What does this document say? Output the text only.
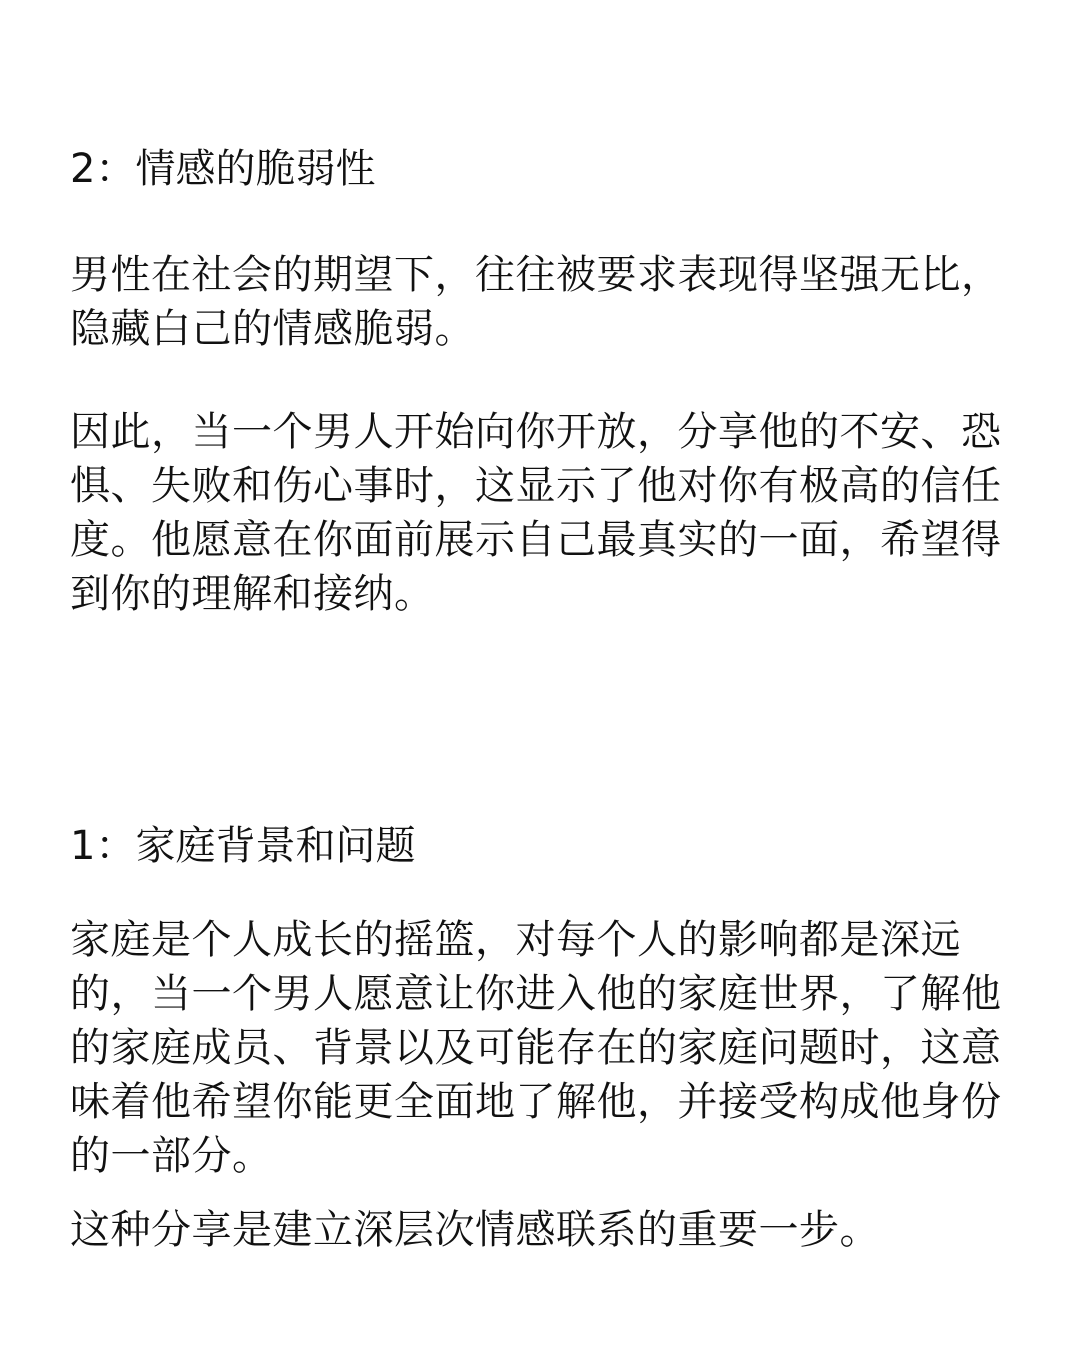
2：情感的脆弱性

男性在社会的期望下，往往被要求表现得坚强无比，
隐藏白己的情感脆弱。

因此，当一个男人开始向你开放，分享他的不安、恐
惧、失败和伤心事时，这显示了他对你有极高的信任
度。他愿意在你面前展示自己最真实的一面，希望得
到你的理解和接纳。

1：家庭背景和问题

家庭是个人成长的摇篮，对每个人的影响都是深远
的，当一个男人愿意让你进入他的家庭世界，了解他
的家庭成员、背景以及可能存在的家庭问题时，这意
味着他希望你能更全面地了解他，并接受构成他身份
的一部分。

这种分享是建立深层次情感联系的重要一步。
